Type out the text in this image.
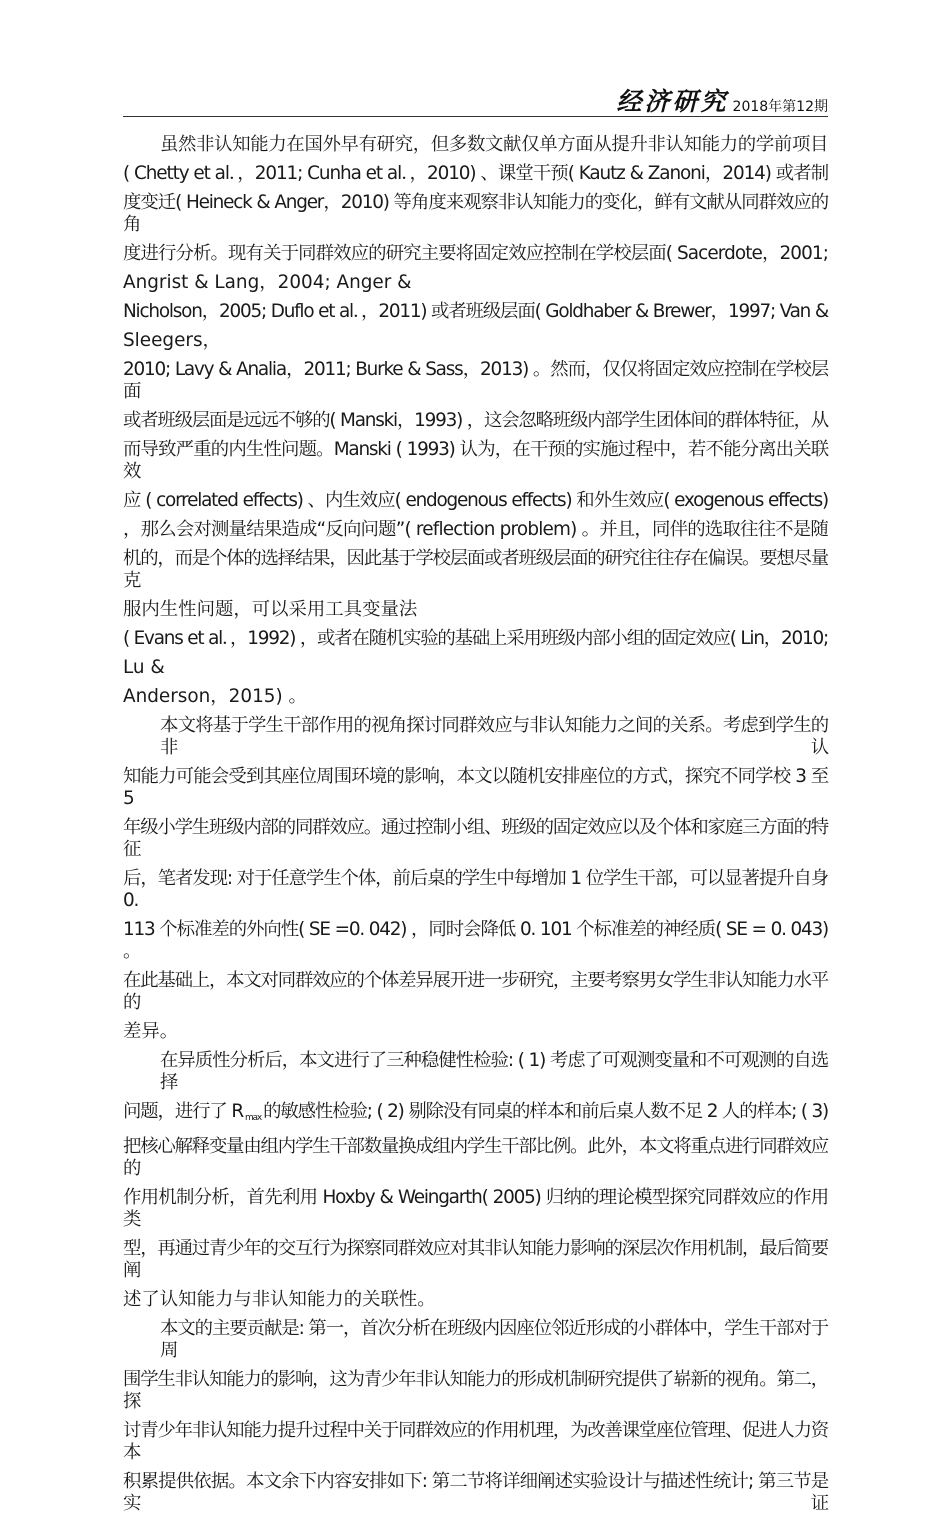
经济研究 2018年第12期
虽然非认知能力在国外早有研究，但多数文献仅单方面从提升非认知能力的学前项目
( Chetty et al．，2011; Cunha et al．，2010) 、课堂干预( Kautz & Zanoni，2014) 或者制
度变迁( Heineck & Anger，2010) 等角度来观察非认知能力的变化，鲜有文献从同群效应的角
度进行分析。现有关于同群效应的研究主要将固定效应控制在学校层面( Sacerdote，2001;
Angrist & Lang，2004; Anger &
Nicholson，2005; Duflo et al．，2011) 或者班级层面( Goldhaber & Brewer，1997; Van &
Sleegers，
2010; Lavy & Analia，2011; Burke & Sass，2013) 。然而，仅仅将固定效应控制在学校层面
或者班级层面是远远不够的( Manski，1993) ，这会忽略班级内部学生团体间的群体特征，从
而导致严重的内生性问题。Manski ( 1993) 认为，在干预的实施过程中，若不能分离出关联效
应 ( correlated effects) 、内生效应( endogenous effects) 和外生效应( exogenous effects)
，那么会对测量结果造成“反向问题”( reflection problem) 。并且，同伴的选取往往不是随
机的，而是个体的选择结果，因此基于学校层面或者班级层面的研究往往存在偏误。要想尽量克
服内生性问题，可以采用工具变量法
( Evans et al．，1992) ，或者在随机实验的基础上采用班级内部小组的固定效应( Lin，2010;
Lu &
Anderson，2015) 。
本文将基于学生干部作用的视角探讨同群效应与非认知能力之间的关系。考虑到学生的非认
知能力可能会受到其座位周围环境的影响，本文以随机安排座位的方式，探究不同学校 3 至 5
年级小学生班级内部的同群效应。通过控制小组、班级的固定效应以及个体和家庭三方面的特征
后，笔者发现: 对于任意学生个体，前后桌的学生中每增加 1 位学生干部，可以显著提升自身 0.
113 个标准差的外向性( SE =0. 042) ，同时会降低 0. 101 个标准差的神经质( SE = 0. 043) 。
在此基础上，本文对同群效应的个体差异展开进一步研究，主要考察男女学生非认知能力水平的
差异。
在异质性分析后，本文进行了三种稳健性检验: ( 1) 考虑了可观测变量和不可观测的自选择
问题，进行了 R $_{max}$ 的敏感性检验; ( 2) 剔除没有同桌的样本和前后桌人数不足 2 人的样本; ( 3)
把核心解释变量由组内学生干部数量换成组内学生干部比例。此外，本文将重点进行同群效应的
作用机制分析，首先利用 Hoxby & Weingarth( 2005) 归纳的理论模型探究同群效应的作用类
型，再通过青少年的交互行为探察同群效应对其非认知能力影响的深层次作用机制，最后简要阐
述了认知能力与非认知能力的关联性。
本文的主要贡献是: 第一，首次分析在班级内因座位邻近形成的小群体中，学生干部对于周
围学生非认知能力的影响，这为青少年非认知能力的形成机制研究提供了崭新的视角。第二，探
讨青少年非认知能力提升过程中关于同群效应的作用机理，为改善课堂座位管理、促进人力资本
积累提供依据。本文余下内容安排如下: 第二节将详细阐述实验设计与描述性统计; 第三节是实证
